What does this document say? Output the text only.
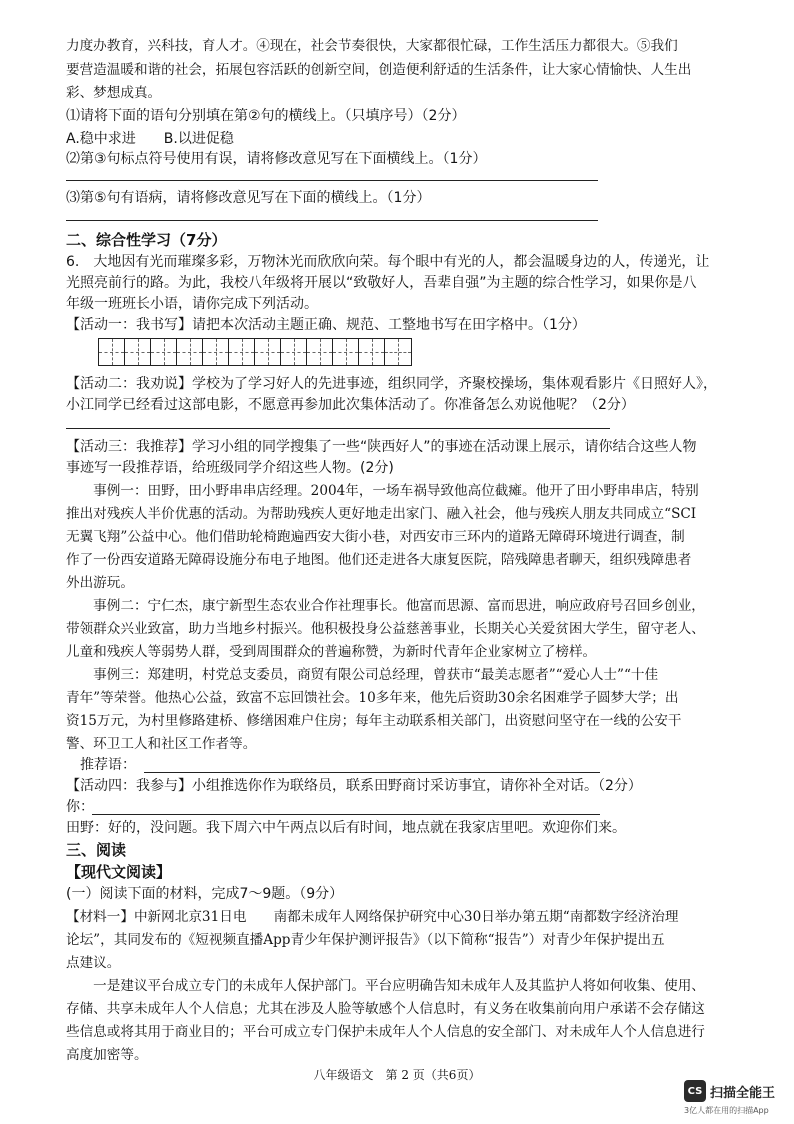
力度办教育，兴科技，育人才。④现在，社会节奏很快，大家都很忙碌，工作生活压力都很大。⑤我们
要营造温暖和谐的社会，拓展包容活跃的创新空间，创造便利舒适的生活条件，让大家心情愉快、人生出
彩、梦想成真。
⑴请将下面的语句分别填在第②句的横线上。（只填序号）（2分）
A.稳中求进　　B.以进促稳
⑵第③句标点符号使用有误，请将修改意见写在下面横线上。（1分）
⑶第⑤句有语病，请将修改意见写在下面的横线上。（1分）
二、综合性学习（7分）
6.　大地因有光而璀璨多彩，万物沐光而欣欣向荣。每个眼中有光的人，都会温暖身边的人，传递光，让
光照亮前行的路。为此，我校八年级将开展以“致敬好人，吾辈自强”为主题的综合性学习，如果你是八
年级一班班长小语，请你完成下列活动。
【活动一：我书写】请把本次活动主题正确、规范、工整地书写在田字格中。（1分）
【活动二：我劝说】学校为了学习好人的先进事迹，组织同学，齐聚校操场，集体观看影片《日照好人》，
小江同学已经看过这部电影，不愿意再参加此次集体活动了。你准备怎么劝说他呢？（2分）
【活动三：我推荐】学习小组的同学搜集了一些“陕西好人”的事迹在活动课上展示，请你结合这些人物
事迹写一段推荐语，给班级同学介绍这些人物。(2分)
　　事例一：田野，田小野串串店经理。2004年，一场车祸导致他高位截瘫。他开了田小野串串店，特别
推出对残疾人半价优惠的活动。为帮助残疾人更好地走出家门、融入社会，他与残疾人朋友共同成立“SCI
无翼飞翔”公益中心。他们借助轮椅跑遍西安大街小巷，对西安市三环内的道路无障碍环境进行调查，制
作了一份西安道路无障碍设施分布电子地图。他们还走进各大康复医院，陪残障患者聊天，组织残障患者
外出游玩。
　　事例二：宁仁杰，康宁新型生态农业合作社理事长。他富而思源、富而思进，响应政府号召回乡创业，
带领群众兴业致富，助力当地乡村振兴。他积极投身公益慈善事业，长期关心关爱贫困大学生，留守老人、
儿童和残疾人等弱势人群，受到周围群众的普遍称赞，为新时代青年企业家树立了榜样。
　　事例三：郑建明，村党总支委员，商贸有限公司总经理，曾获市“最美志愿者”“爱心人士”“十佳
青年”等荣誉。他热心公益，致富不忘回馈社会。10多年来，他先后资助30余名困难学子圆梦大学；出
资15万元，为村里修路建桥、修缮困难户住房；每年主动联系相关部门，出资慰问坚守在一线的公安干
警、环卫工人和社区工作者等。
　推荐语：
【活动四：我参与】小组推选你作为联络员，联系田野商讨采访事宜，请你补全对话。（2分）
你：
田野：好的，没问题。我下周六中午两点以后有时间，地点就在我家店里吧。欢迎你们来。
三、阅读
【现代文阅读】
(一）阅读下面的材料，完成7～9题。（9分）
【材料一】中新网北京31日电　　南都未成年人网络保护研究中心30日举办第五期“南都数字经济治理
论坛”，其同发布的《短视频直播App青少年保护测评报告》（以下简称“报告”）对青少年保护提出五
点建议。
　　一是建议平台成立专门的未成年人保护部门。平台应明确告知未成年人及其监护人将如何收集、使用、
存储、共享未成年人个人信息；尤其在涉及人脸等敏感个人信息时，有义务在收集前向用户承诺不会存储这
些信息或将其用于商业目的；平台可成立专门保护未成年人个人信息的安全部门、对未成年人个人信息进行
高度加密等。
八年级语文　第 2 页（共6页）
CS 扫描全能王
3亿人都在用的扫描App
